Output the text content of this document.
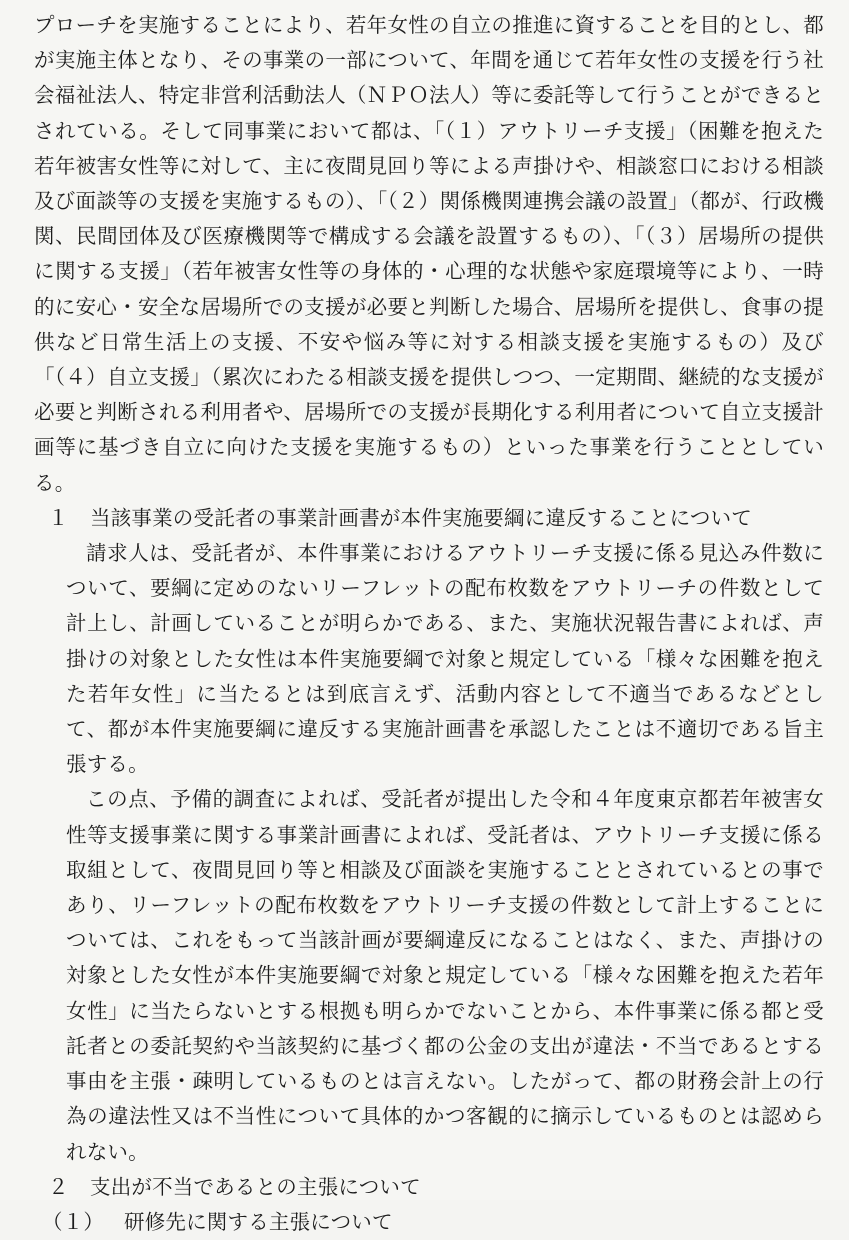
プローチを実施することにより、若年女性の自立の推進に資することを目的とし、都が実施主体となり、その事業の一部について、年間を通じて若年女性の支援を行う社会福祉法人、特定非営利活動法人（ＮＰＯ法人）等に委託等して行うことができるとされている。そして同事業において都は、「（１）アウトリーチ支援」（困難を抱えた若年被害女性等に対して、主に夜間見回り等による声掛けや、相談窓口における相談及び面談等の支援を実施するもの）、「（２）関係機関連携会議の設置」（都が、行政機関、民間団体及び医療機関等で構成する会議を設置するもの）、「（３）居場所の提供に関する支援」（若年被害女性等の身体的・心理的な状態や家庭環境等により、一時的に安心・安全な居場所での支援が必要と判断した場合、居場所を提供し、食事の提供など日常生活上の支援、不安や悩み等に対する相談支援を実施するもの）及び「（４）自立支援」（累次にわたる相談支援を提供しつつ、一定期間、継続的な支援が必要と判断される利用者や、居場所での支援が長期化する利用者について自立支援計画等に基づき自立に向けた支援を実施するもの）といった事業を行うこととしている。

１	当該事業の受託者の事業計画書が本件実施要綱に違反することについて

請求人は、受託者が、本件事業におけるアウトリーチ支援に係る見込み件数について、要綱に定めのないリーフレットの配布枚数をアウトリーチの件数として計上し、計画していることが明らかである、また、実施状況報告書によれば、声掛けの対象とした女性は本件実施要綱で対象と規定している「様々な困難を抱えた若年女性」に当たるとは到底言えず、活動内容として不適当であるなどとして、都が本件実施要綱に違反する実施計画書を承認したことは不適切である旨主張する。

この点、予備的調査によれば、受託者が提出した令和４年度東京都若年被害女性等支援事業に関する事業計画書によれば、受託者は、アウトリーチ支援に係る取組として、夜間見回り等と相談及び面談を実施することとされているとの事であり、リーフレットの配布枚数をアウトリーチ支援の件数として計上することについては、これをもって当該計画が要綱違反になることはなく、また、声掛けの対象とした女性が本件実施要綱で対象と規定している「様々な困難を抱えた若年女性」に当たらないとする根拠も明らかでないことから、本件事業に係る都と受託者との委託契約や当該契約に基づく都の公金の支出が違法・不当であるとする事由を主張・疎明しているものとは言えない。したがって、都の財務会計上の行為の違法性又は不当性について具体的かつ客観的に摘示しているものとは認められない。

２	支出が不当であるとの主張について
（１） 研修先に関する主張について
